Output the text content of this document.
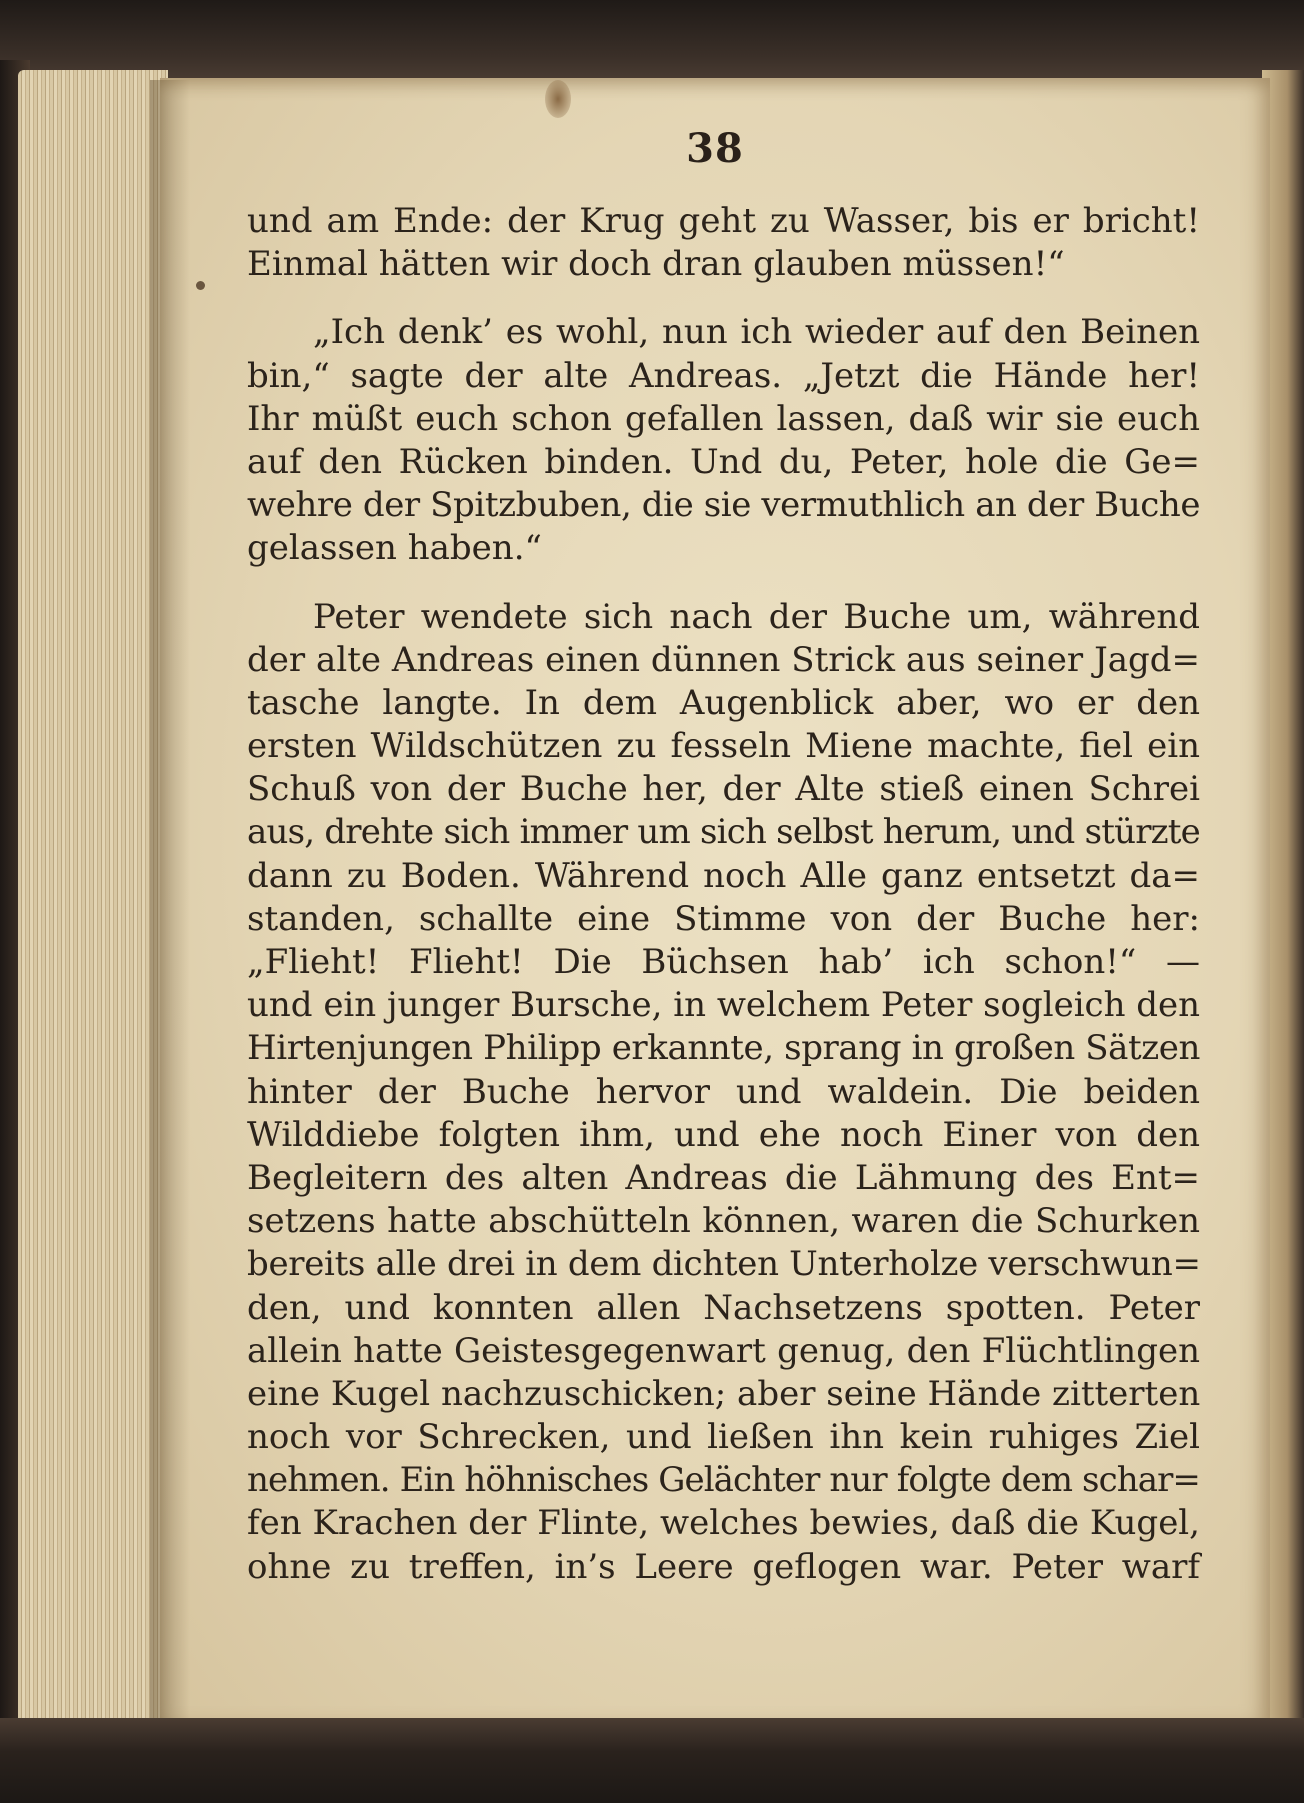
38
und am Ende: der Krug geht zu Wasser, bis er bricht!
Einmal hätten wir doch dran glauben müssen!“
„Ich denk’ es wohl, nun ich wieder auf den Beinen
bin,“ sagte der alte Andreas. „Jetzt die Hände her!
Ihr müßt euch schon gefallen lassen, daß wir sie euch
auf den Rücken binden. Und du, Peter, hole die Ge=
wehre der Spitzbuben, die sie vermuthlich an der Buche
gelassen haben.“
Peter wendete sich nach der Buche um, während
der alte Andreas einen dünnen Strick aus seiner Jagd=
tasche langte. In dem Augenblick aber, wo er den
ersten Wildschützen zu fesseln Miene machte, fiel ein
Schuß von der Buche her, der Alte stieß einen Schrei
aus, drehte sich immer um sich selbst herum, und stürzte
dann zu Boden. Während noch Alle ganz entsetzt da=
standen, schallte eine Stimme von der Buche her:
„Flieht! Flieht! Die Büchsen hab’ ich schon!“ —
und ein junger Bursche, in welchem Peter sogleich den
Hirtenjungen Philipp erkannte, sprang in großen Sätzen
hinter der Buche hervor und waldein. Die beiden
Wilddiebe folgten ihm, und ehe noch Einer von den
Begleitern des alten Andreas die Lähmung des Ent=
setzens hatte abschütteln können, waren die Schurken
bereits alle drei in dem dichten Unterholze verschwun=
den, und konnten allen Nachsetzens spotten. Peter
allein hatte Geistesgegenwart genug, den Flüchtlingen
eine Kugel nachzuschicken; aber seine Hände zitterten
noch vor Schrecken, und ließen ihn kein ruhiges Ziel
nehmen. Ein höhnisches Gelächter nur folgte dem schar=
fen Krachen der Flinte, welches bewies, daß die Kugel,
ohne zu treffen, in’s Leere geflogen war. Peter warf
